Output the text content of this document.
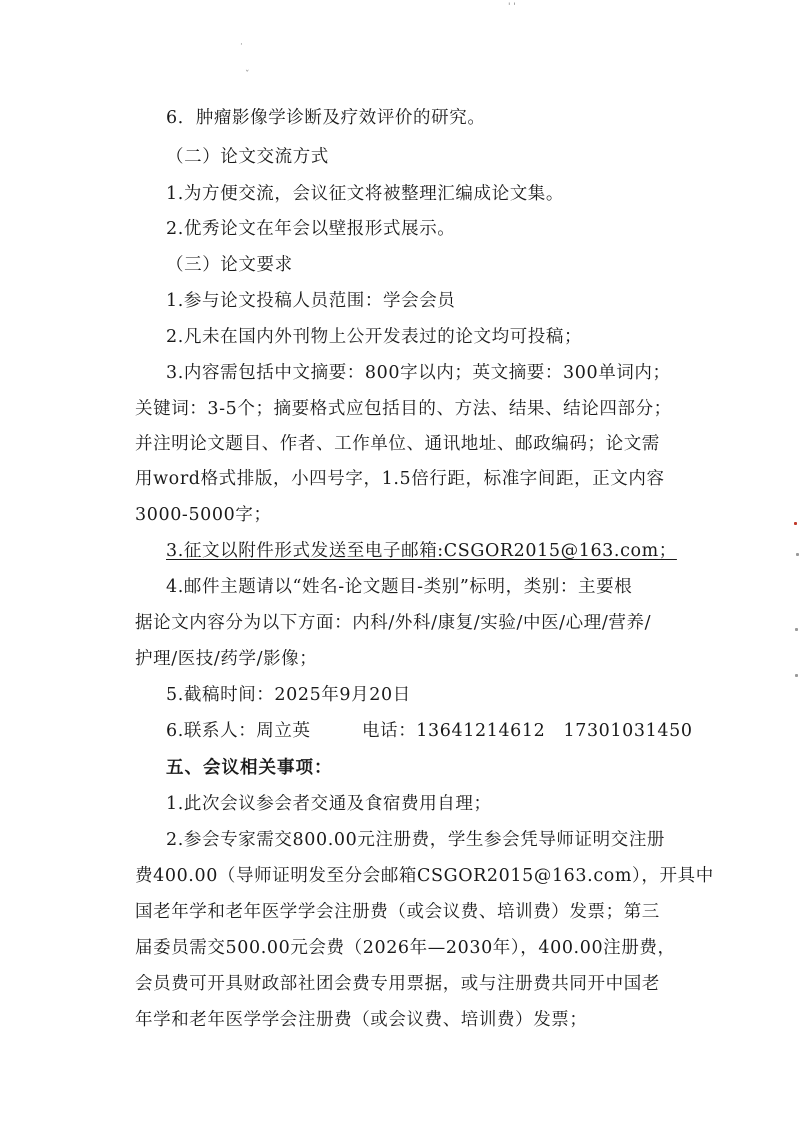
' '
·
ˇ
6．肿瘤影像学诊断及疗效评价的研究。
（二）论文交流方式
1.为方便交流，会议征文将被整理汇编成论文集。
2.优秀论文在年会以壁报形式展示。
（三）论文要求
1.参与论文投稿人员范围：学会会员
2.凡未在国内外刊物上公开发表过的论文均可投稿；
3.内容需包括中文摘要：800字以内；英文摘要：300单词内；
关键词：3-5个；摘要格式应包括目的、方法、结果、结论四部分；
并注明论文题目、作者、工作单位、通讯地址、邮政编码；论文需
用word格式排版，小四号字，1.5倍行距，标准字间距，正文内容
3000-5000字；
3.征文以附件形式发送至电子邮箱:CSGOR2015@163.com；
4.邮件主题请以“姓名-论文题目-类别”标明，类别：主要根
据论文内容分为以下方面：内科/外科/康复/实验/中医/心理/营养/
护理/医技/药学/影像；
5.截稿时间：2025年9月20日
6.联系人：周立英	电话：13641214612　17301031450
五、会议相关事项：
1.此次会议参会者交通及食宿费用自理；
2.参会专家需交800.00元注册费，学生参会凭导师证明交注册
费400.00（导师证明发至分会邮箱CSGOR2015@163.com），开具中
国老年学和老年医学学会注册费（或会议费、培训费）发票；第三
届委员需交500.00元会费（2026年—2030年），400.00注册费，
会员费可开具财政部社团会费专用票据，或与注册费共同开中国老
年学和老年医学学会注册费（或会议费、培训费）发票；
